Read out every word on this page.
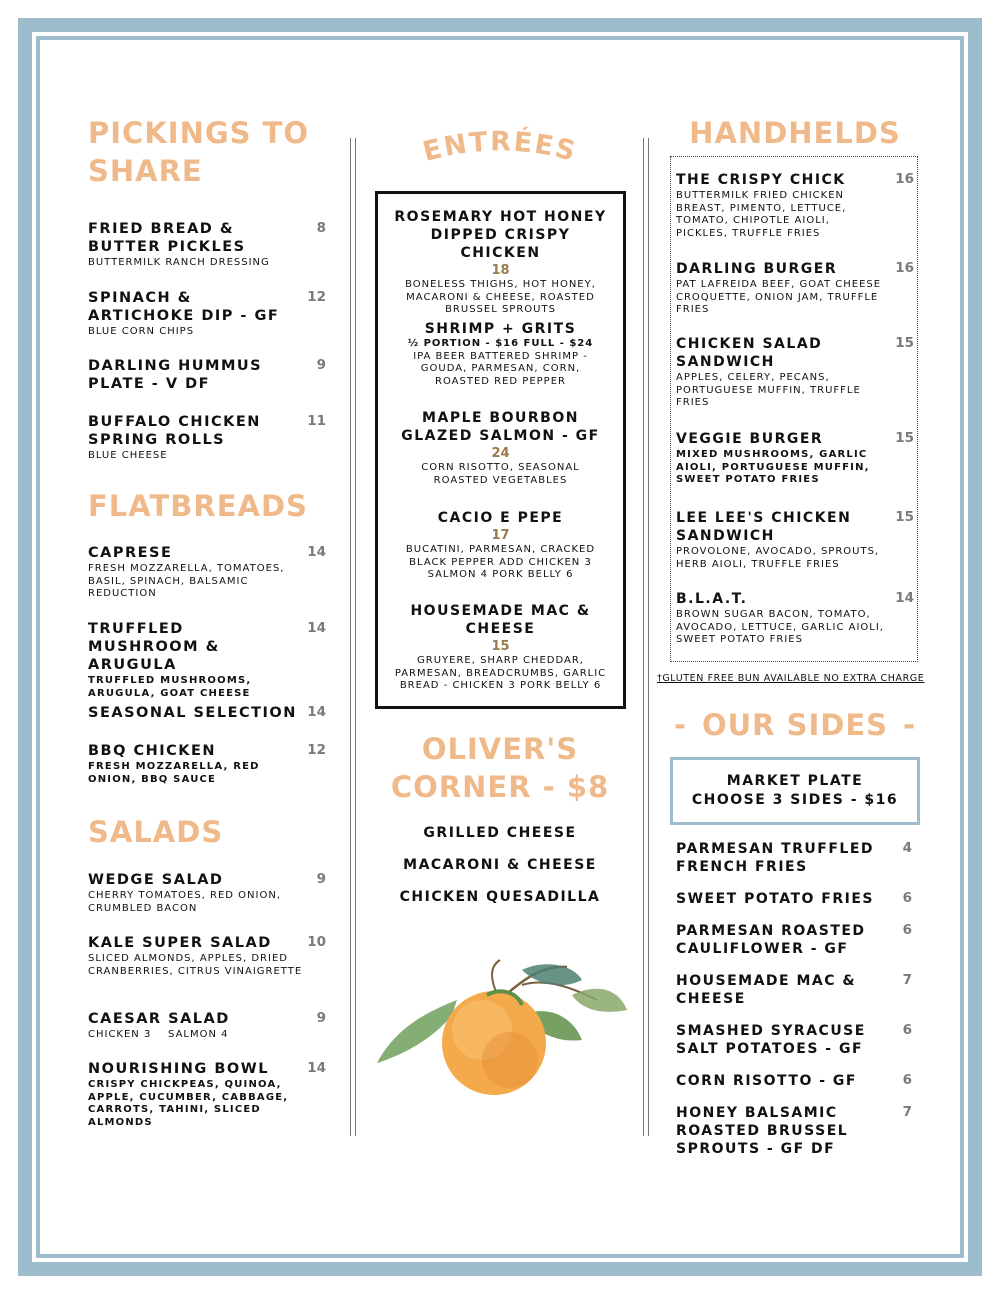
PICKINGS TO
SHARE
FRIED BREAD & BUTTER PICKLES
8
BUTTERMILK RANCH DRESSING
SPINACH & ARTICHOKE DIP - GF
12
BLUE CORN CHIPS
DARLING HUMMUS PLATE - V DF
9
BUFFALO CHICKEN SPRING ROLLS
11
BLUE CHEESE
FLATBREADS
CAPRESE	14
FRESH MOZZARELLA, TOMATOES, BASIL, SPINACH, BALSAMIC REDUCTION
TRUFFLED MUSHROOM & ARUGULA
14
TRUFFLED MUSHROOMS, ARUGULA, GOAT CHEESE
SEASONAL SELECTION 14
BBQ CHICKEN	12
FRESH MOZZARELLA, RED ONION, BBQ SAUCE
SALADS
WEDGE SALAD	9
CHERRY TOMATOES, RED ONION, CRUMBLED BACON
KALE SUPER SALAD	10
SLICED ALMONDS, APPLES, DRIED CRANBERRIES, CITRUS VINAIGRETTE
CAESAR SALAD	9
CHICKEN 3    SALMON 4
NOURISHING BOWL	14
CRISPY CHICKPEAS, QUINOA, APPLE, CUCUMBER, CABBAGE, CARROTS, TAHINI, SLICED ALMONDS
ENTRÉES
ROSEMARY HOT HONEY DIPPED CRISPY CHICKEN
18
BONELESS THIGHS, HOT HONEY, MACARONI & CHEESE, ROASTED BRUSSEL SPROUTS
SHRIMP + GRITS
½ PORTION - $16 FULL - $24
IPA BEER BATTERED SHRIMP - GOUDA, PARMESAN, CORN, ROASTED RED PEPPER
MAPLE BOURBON GLAZED SALMON - GF
24
CORN RISOTTO, SEASONAL ROASTED VEGETABLES
CACIO E PEPE
17
BUCATINI, PARMESAN, CRACKED BLACK PEPPER ADD CHICKEN 3 SALMON 4 PORK BELLY 6
HOUSEMADE MAC & CHEESE
15
GRUYERE, SHARP CHEDDAR, PARMESAN, BREADCRUMBS, GARLIC BREAD - CHICKEN 3 PORK BELLY 6
OLIVER'S
CORNER - $8
GRILLED CHEESE
MACARONI & CHEESE
CHICKEN QUESADILLA
HANDHELDS
THE CRISPY CHICK	16
BUTTERMILK FRIED CHICKEN BREAST, PIMENTO, LETTUCE, TOMATO, CHIPOTLE AIOLI, PICKLES, TRUFFLE FRIES
DARLING BURGER	16
PAT LAFREIDA BEEF, GOAT CHEESE CROQUETTE, ONION JAM, TRUFFLE FRIES
CHICKEN SALAD SANDWICH
15
APPLES, CELERY, PECANS, PORTUGUESE MUFFIN, TRUFFLE FRIES
VEGGIE BURGER	15
MIXED MUSHROOMS, GARLIC AIOLI, PORTUGUESE MUFFIN, SWEET POTATO FRIES
LEE LEE'S CHICKEN SANDWICH
15
PROVOLONE, AVOCADO, SPROUTS, HERB AIOLI, TRUFFLE FRIES
B.L.A.T.	14
BROWN SUGAR BACON, TOMATO, AVOCADO, LETTUCE, GARLIC AIOLI, SWEET POTATO FRIES
†GLUTEN FREE BUN AVAILABLE NO EXTRA CHARGE
- OUR SIDES -
MARKET PLATE
CHOOSE 3 SIDES - $16
PARMESAN TRUFFLED FRENCH FRIES
4
SWEET POTATO FRIES	6
PARMESAN ROASTED CAULIFLOWER - GF
6
HOUSEMADE MAC & CHEESE
7
SMASHED SYRACUSE SALT POTATOES - GF
6
CORN RISOTTO - GF	6
HONEY BALSAMIC ROASTED BRUSSEL SPROUTS - GF DF
7
